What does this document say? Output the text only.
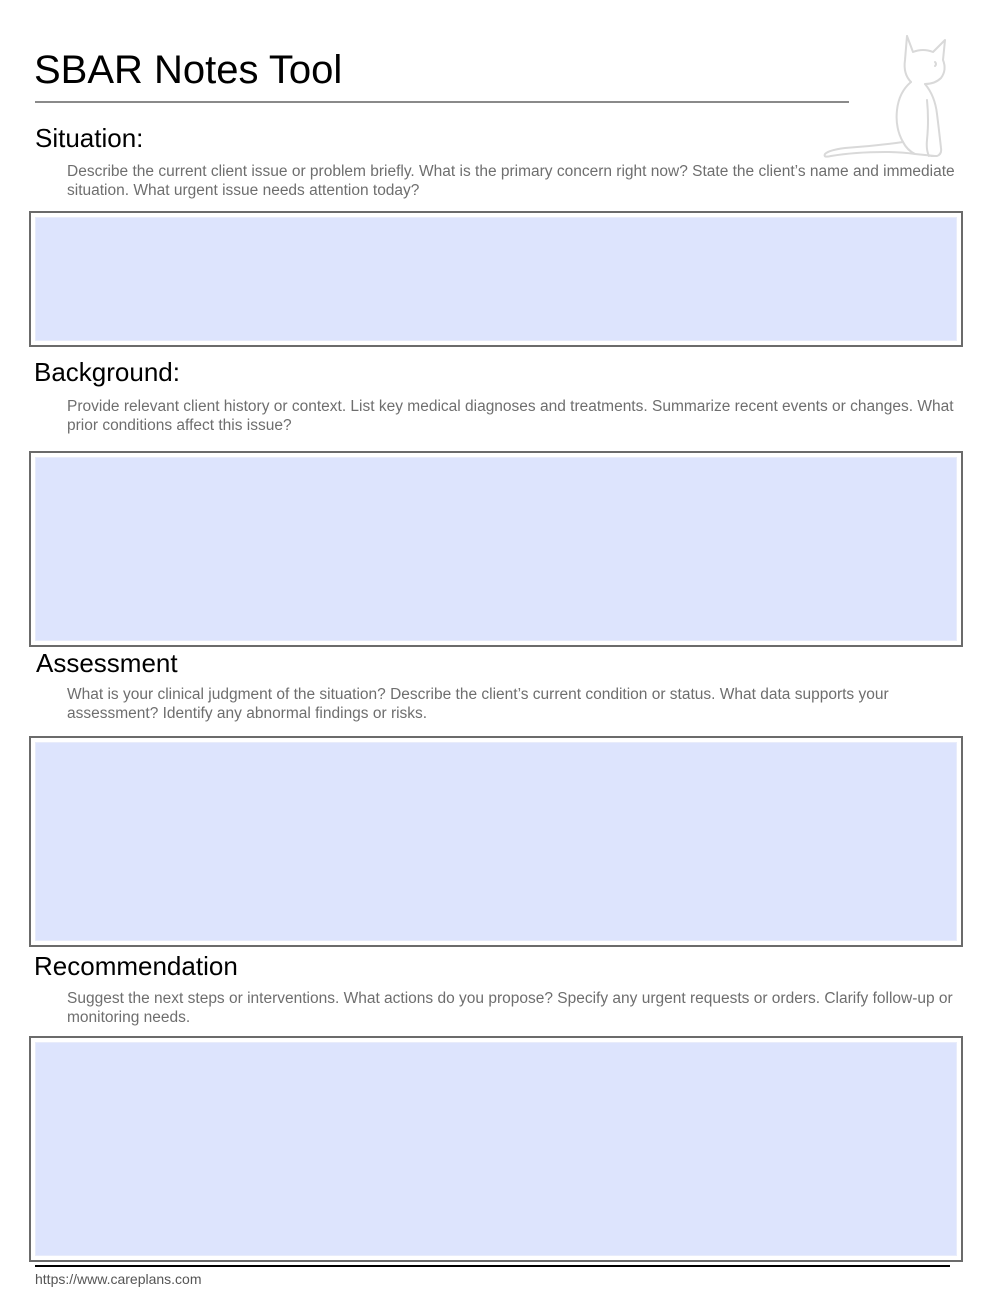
SBAR Notes Tool
Situation:

Describe the current client issue or problem briefly. What is the primary concern right now? State the client’s name and immediate situation. What urgent issue needs attention today?

Background:

Provide relevant client history or context. List key medical diagnoses and treatments. Summarize recent events or changes. What prior conditions affect this issue?

Assessment

What is your clinical judgment of the situation? Describe the client’s current condition or status. What data supports your assessment? Identify any abnormal findings or risks.

Recommendation

Suggest the next steps or interventions. What actions do you propose? Specify any urgent requests or orders. Clarify follow-up or monitoring needs.

https://www.careplans.com
